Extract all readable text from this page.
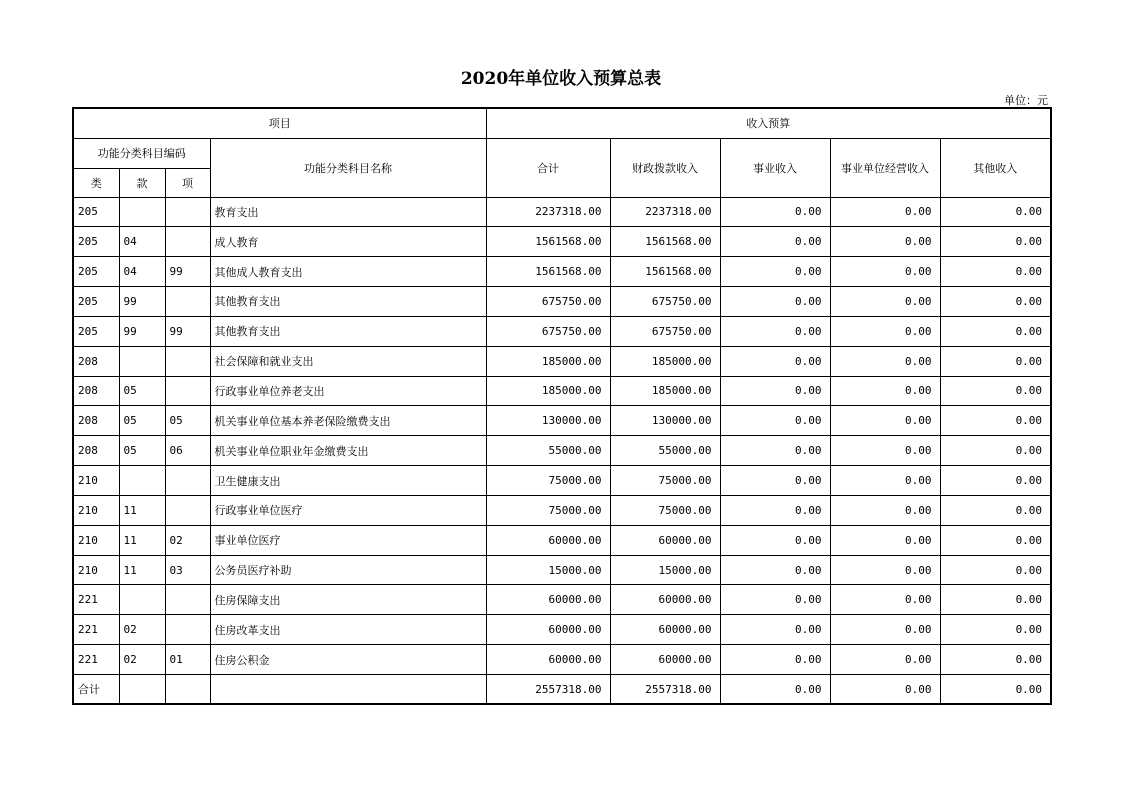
2020年单位收入预算总表
单位：元
项目				收入预算				
功能分类科目编码			功能分类科目名称	合计	财政拨款收入	事业收入	事业单位经营收入	其他收入
类	款	项						
205			教育支出	2237318.00	2237318.00	0.00	0.00	0.00
205	04		成人教育	1561568.00	1561568.00	0.00	0.00	0.00
205	04	99	其他成人教育支出	1561568.00	1561568.00	0.00	0.00	0.00
205	99		其他教育支出	675750.00	675750.00	0.00	0.00	0.00
205	99	99	其他教育支出	675750.00	675750.00	0.00	0.00	0.00
208			社会保障和就业支出	185000.00	185000.00	0.00	0.00	0.00
208	05		行政事业单位养老支出	185000.00	185000.00	0.00	0.00	0.00
208	05	05	机关事业单位基本养老保险缴费支出	130000.00	130000.00	0.00	0.00	0.00
208	05	06	机关事业单位职业年金缴费支出	55000.00	55000.00	0.00	0.00	0.00
210			卫生健康支出	75000.00	75000.00	0.00	0.00	0.00
210	11		行政事业单位医疗	75000.00	75000.00	0.00	0.00	0.00
210	11	02	事业单位医疗	60000.00	60000.00	0.00	0.00	0.00
210	11	03	公务员医疗补助	15000.00	15000.00	0.00	0.00	0.00
221			住房保障支出	60000.00	60000.00	0.00	0.00	0.00
221	02		住房改革支出	60000.00	60000.00	0.00	0.00	0.00
221	02	01	住房公积金	60000.00	60000.00	0.00	0.00	0.00
合计				2557318.00	2557318.00	0.00	0.00	0.00
